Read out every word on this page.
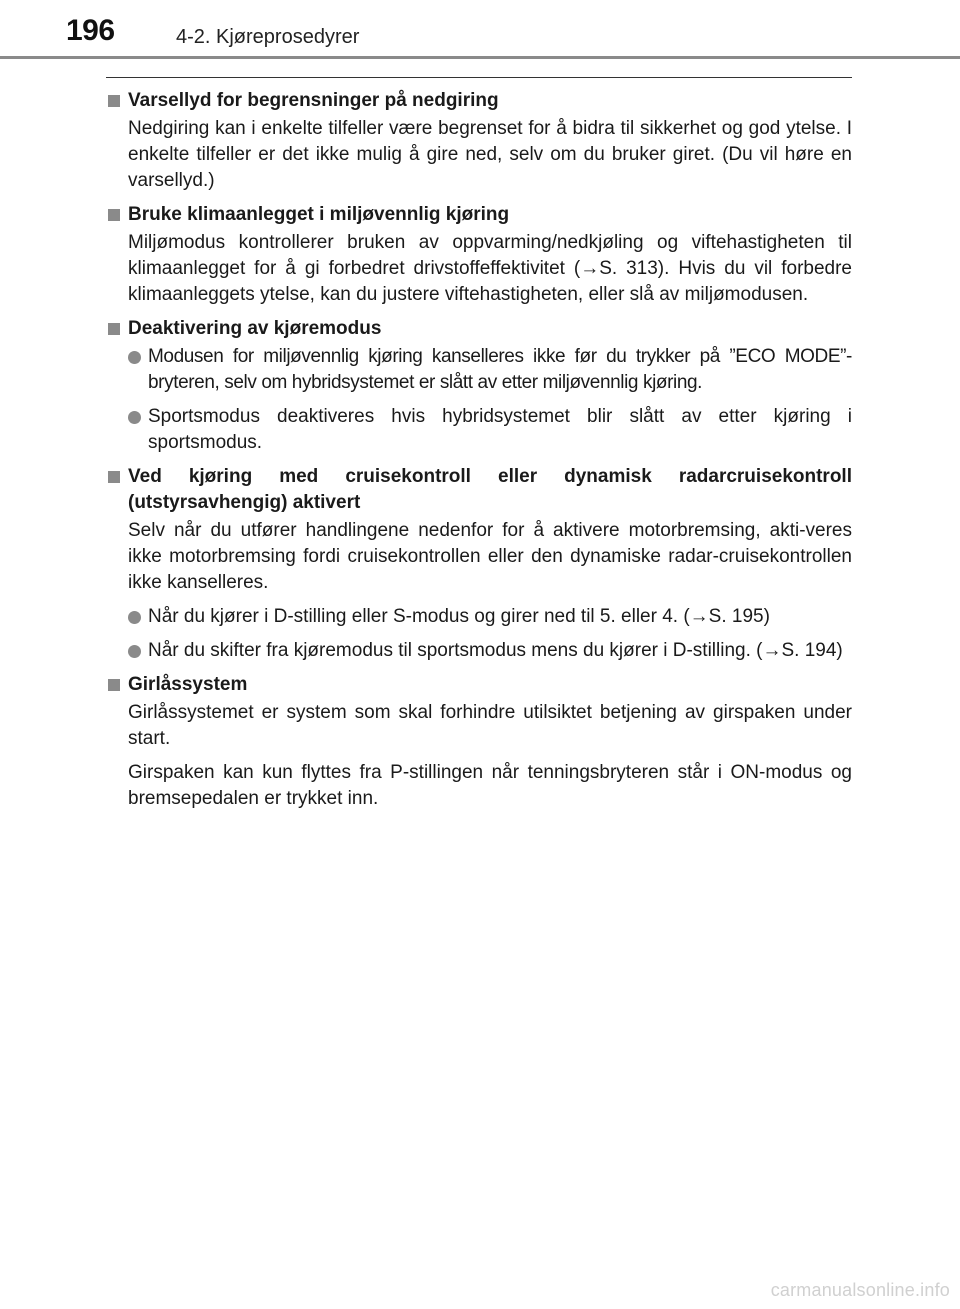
196	4-2. Kjøreprosedyrer
Varsellyd for begrensninger på nedgiring
Nedgiring kan i enkelte tilfeller være begrenset for å bidra til sikkerhet og god ytelse. I enkelte tilfeller er det ikke mulig å gire ned, selv om du bruker giret. (Du vil høre en varsellyd.)
Bruke klimaanlegget i miljøvennlig kjøring
Miljømodus kontrollerer bruken av oppvarming/nedkjøling og viftehastigheten til klimaanlegget for å gi forbedret drivstoffeffektivitet (→S. 313). Hvis du vil forbedre klimaanleggets ytelse, kan du justere viftehastigheten, eller slå av miljømodusen.
Deaktivering av kjøremodus
Modusen for miljøvennlig kjøring kanselleres ikke før du trykker på ”ECO MODE”-bryteren, selv om hybridsystemet er slått av etter miljøvennlig kjøring.
Sportsmodus deaktiveres hvis hybridsystemet blir slått av etter kjøring i sportsmodus.
Ved kjøring med cruisekontroll eller dynamisk radarcruisekontroll (utstyrsavhengig) aktivert
Selv når du utfører handlingene nedenfor for å aktivere motorbremsing, akti-veres ikke motorbremsing fordi cruisekontrollen eller den dynamiske radar-cruisekontrollen ikke kanselleres.
Når du kjører i D-stilling eller S-modus og girer ned til 5. eller 4. (→S. 195)
Når du skifter fra kjøremodus til sportsmodus mens du kjører i D-stilling. (→S. 194)
Girlåssystem
Girlåssystemet er system som skal forhindre utilsiktet betjening av girspaken under start.
Girspaken kan kun flyttes fra P-stillingen når tenningsbryteren står i ON-modus og bremsepedalen er trykket inn.
carmanualsonline.info
